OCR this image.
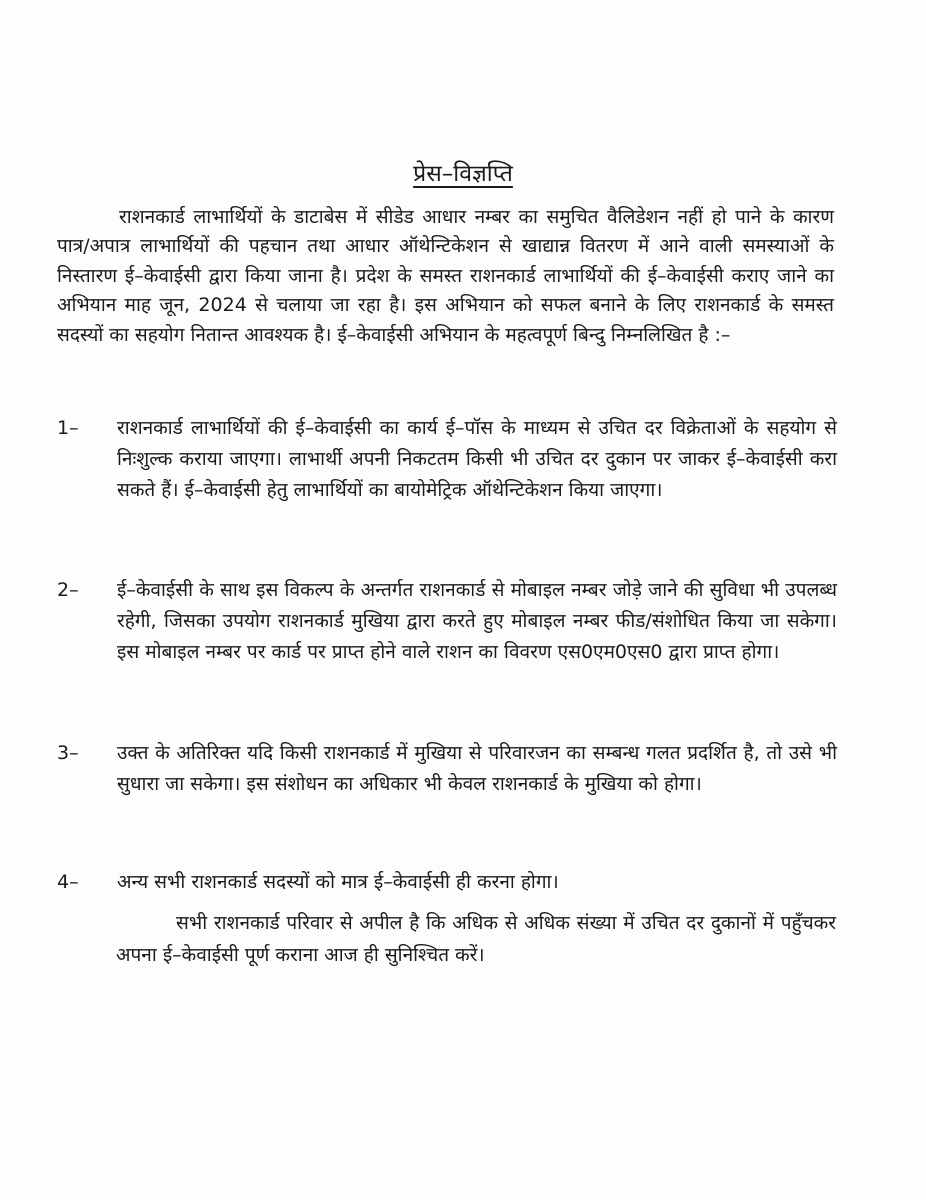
प्रेस–विज्ञप्ति

राशनकार्ड लाभार्थियों के डाटाबेस में सीडेड आधार नम्बर का समुचित वैलिडेशन नहीं हो पाने के कारण पात्र/अपात्र लाभार्थियों की पहचान तथा आधार ऑथेन्टिकेशन से खाद्यान्न वितरण में आने वाली समस्याओं के निस्तारण ई–केवाईसी द्वारा किया जाना है। प्रदेश के समस्त राशनकार्ड लाभार्थियों की ई–केवाईसी कराए जाने का अभियान माह जून, 2024 से चलाया जा रहा है। इस अभियान को सफल बनाने के लिए राशनकार्ड के समस्त सदस्यों का सहयोग नितान्त आवश्यक है। ई–केवाईसी अभियान के महत्वपूर्ण बिन्दु निम्नलिखित है :–

1–	राशनकार्ड लाभार्थियों की ई–केवाईसी का कार्य ई–पॉस के माध्यम से उचित दर विक्रेताओं के सहयोग से निःशुल्क कराया जाएगा। लाभार्थी अपनी निकटतम किसी भी उचित दर दुकान पर जाकर ई–केवाईसी करा सकते हैं। ई–केवाईसी हेतु लाभार्थियों का बायोमेट्रिक ऑथेन्टिकेशन किया जाएगा।
2–	ई–केवाईसी के साथ इस विकल्प के अन्तर्गत राशनकार्ड से मोबाइल नम्बर जोड़े जाने की सुविधा भी उपलब्ध रहेगी, जिसका उपयोग राशनकार्ड मुखिया द्वारा करते हुए मोबाइल नम्बर फीड/संशोधित किया जा सकेगा। इस मोबाइल नम्बर पर कार्ड पर प्राप्त होने वाले राशन का विवरण एस0एम0एस0 द्वारा प्राप्त होगा।
3–	उक्त के अतिरिक्त यदि किसी राशनकार्ड में मुखिया से परिवारजन का सम्बन्ध गलत प्रदर्शित है, तो उसे भी सुधारा जा सकेगा। इस संशोधन का अधिकार भी केवल राशनकार्ड के मुखिया को होगा।
4–	अन्य सभी राशनकार्ड सदस्यों को मात्र ई–केवाईसी ही करना होगा।

सभी राशनकार्ड परिवार से अपील है कि अधिक से अधिक संख्या में उचित दर दुकानों में पहुँचकर अपना ई–केवाईसी पूर्ण कराना आज ही सुनिश्चित करें।
